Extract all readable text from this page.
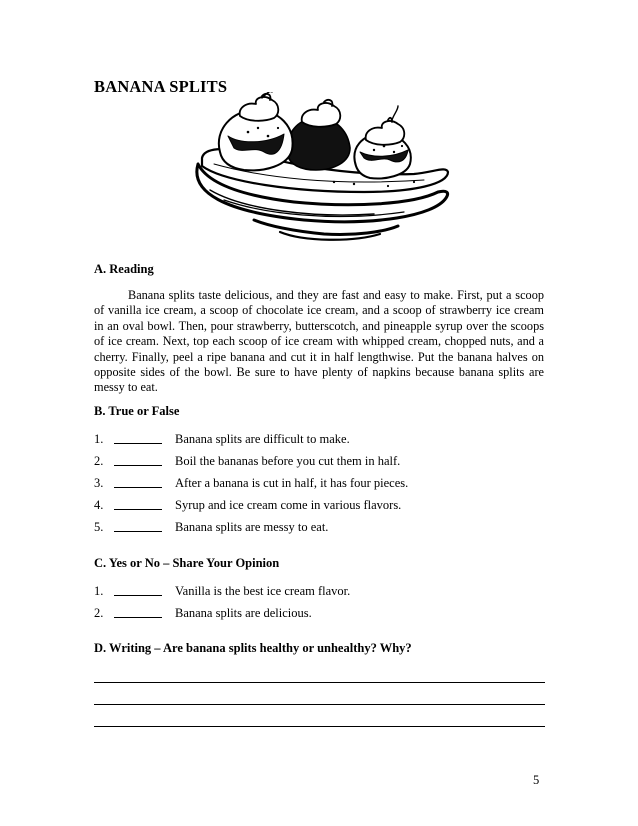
BANANA SPLITS
A. Reading

Banana splits taste delicious, and they are fast and easy to make. First, put a scoop of vanilla ice cream, a scoop of chocolate ice cream, and a scoop of strawberry ice cream in an oval bowl. Then, pour strawberry, butterscotch, and pineapple syrup over the scoops of ice cream. Next, top each scoop of ice cream with whipped cream, chopped nuts, and a cherry. Finally, peel a ripe banana and cut it in half lengthwise. Put the banana halves on opposite sides of the bowl. Be sure to have plenty of napkins because banana splits are messy to eat.

B. True or False
1.	Banana splits are difficult to make.
2.	Boil the bananas before you cut them in half.
3.	After a banana is cut in half, it has four pieces.
4.	Syrup and ice cream come in various flavors.
5.	Banana splits are messy to eat.
C. Yes or No – Share Your Opinion
1.	Vanilla is the best ice cream flavor.
2.	Banana splits are delicious.
D. Writing – Are banana splits healthy or unhealthy? Why?
5
